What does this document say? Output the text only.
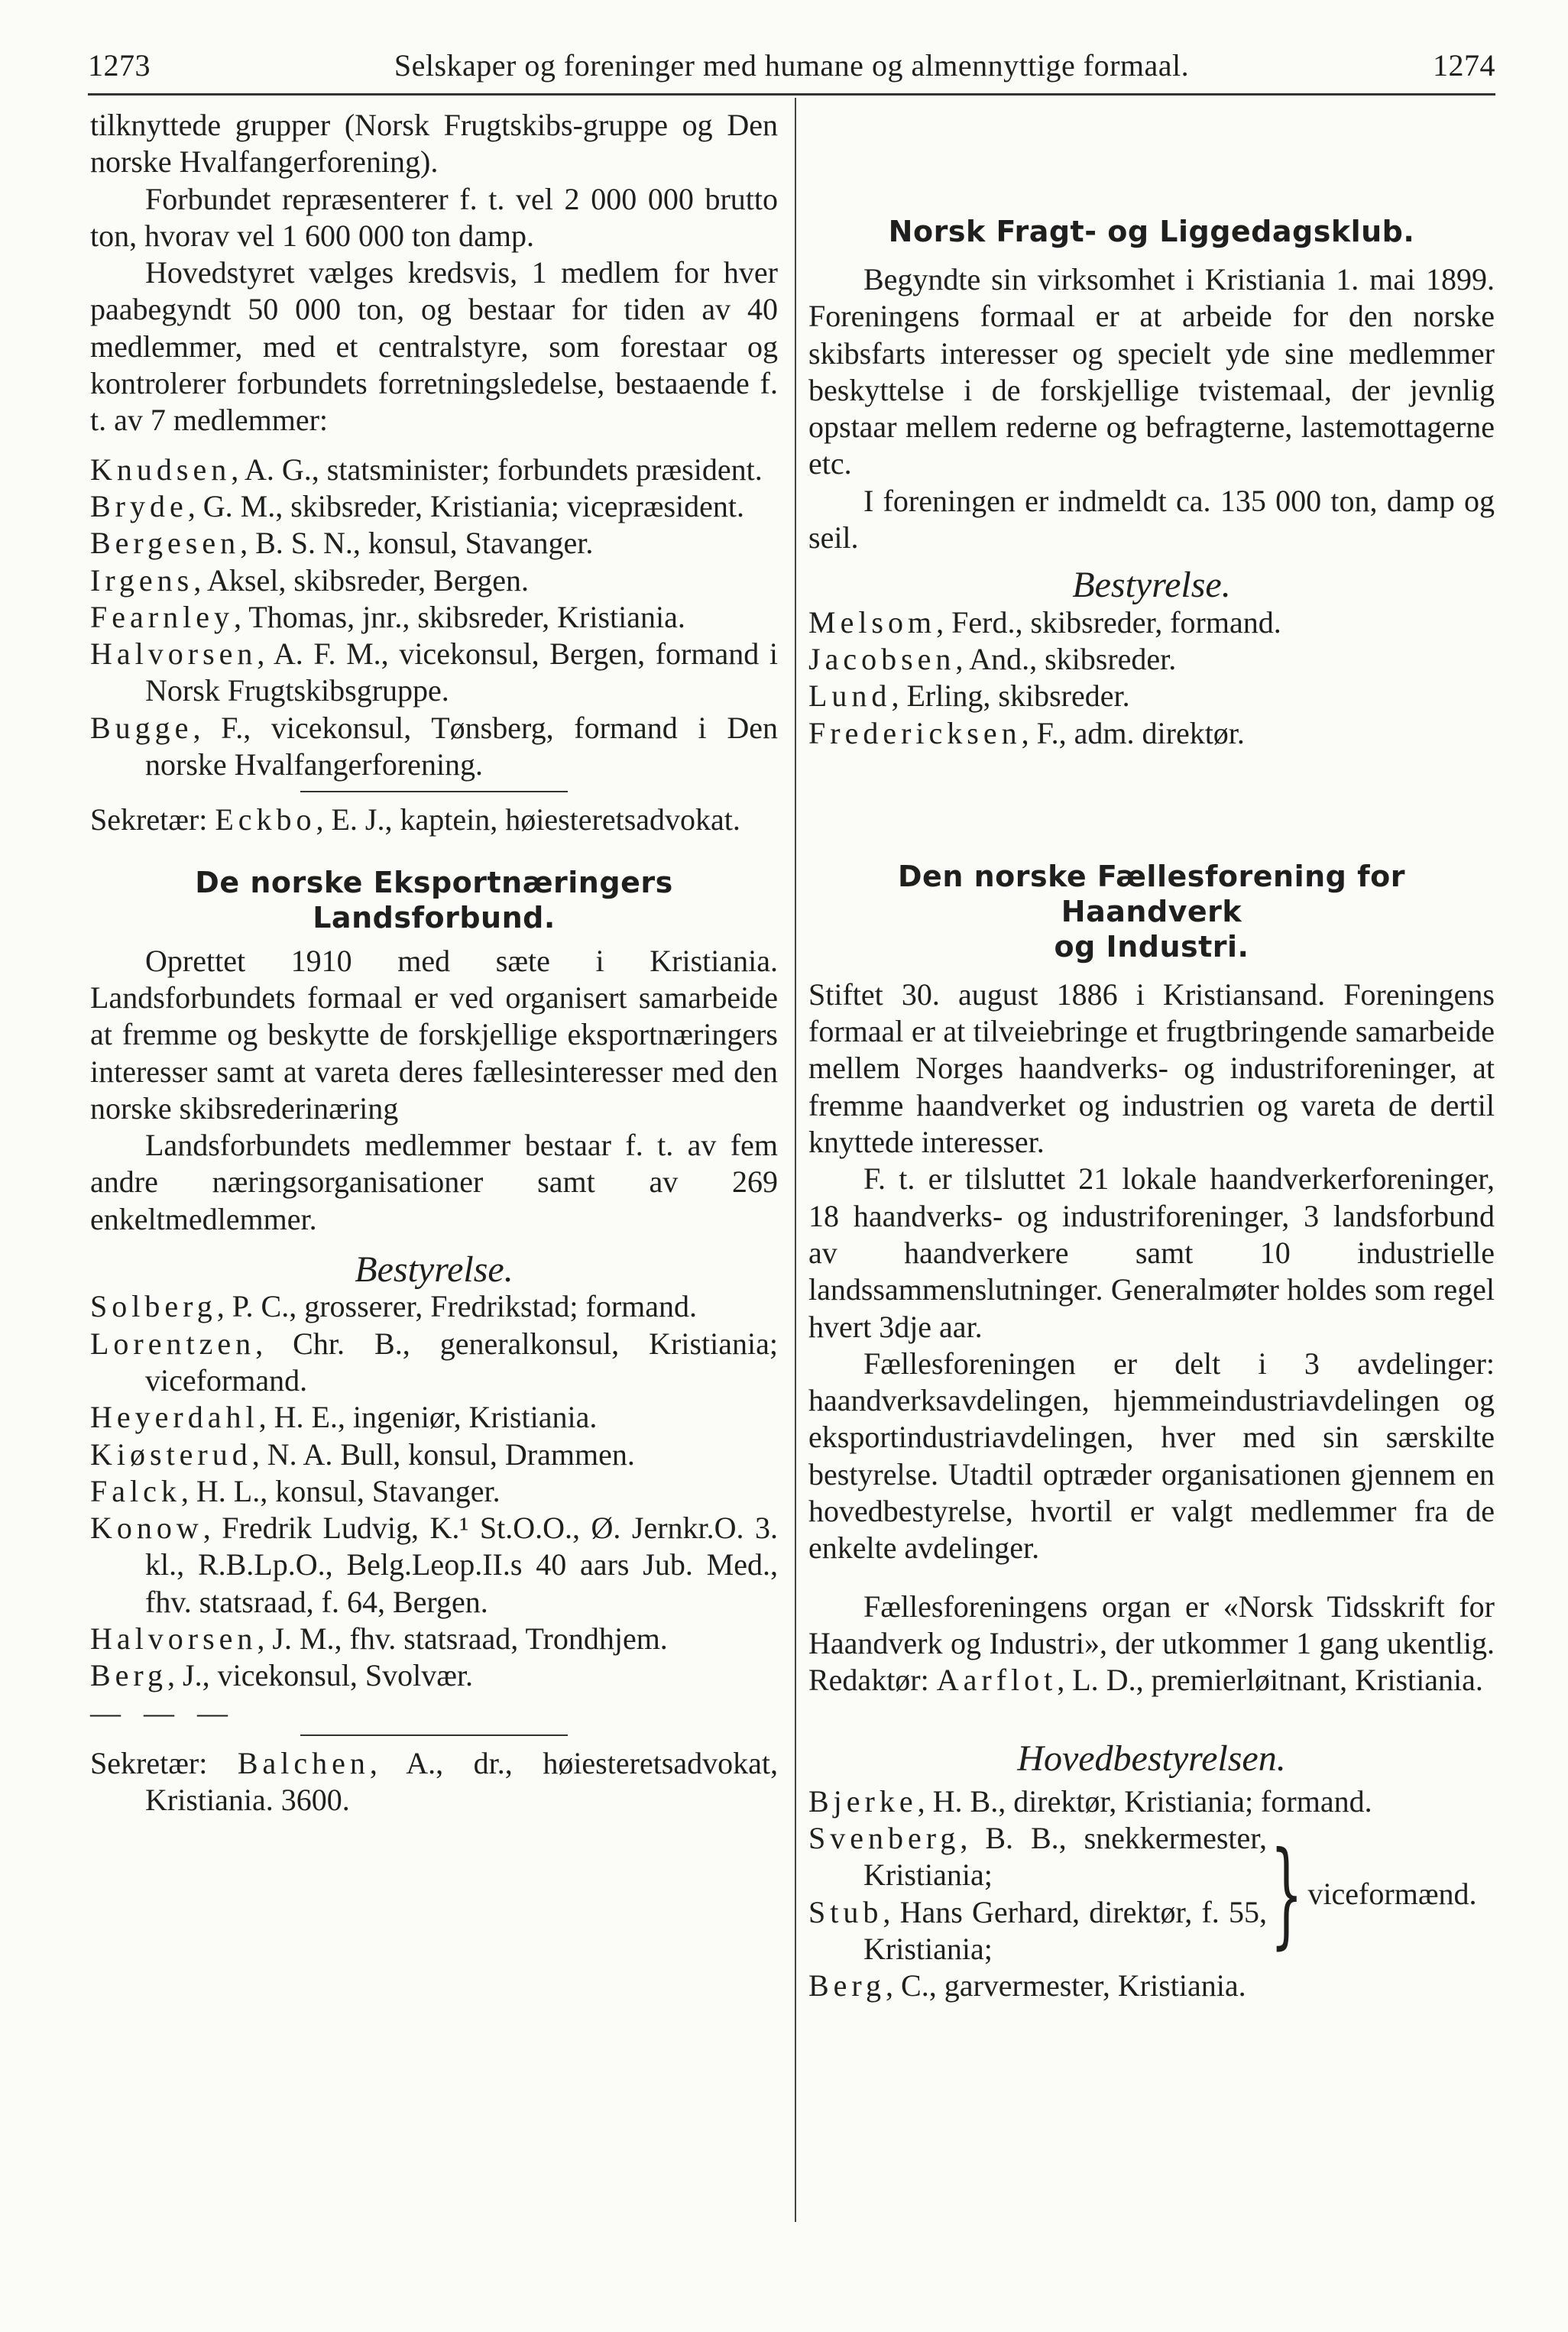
1273	Selskaper og foreninger med humane og almennyttige formaal.	1274

tilknyttede grupper (Norsk Frugtskibs-gruppe og Den norske Hvalfangerforening).

Forbundet repræsenterer f. t. vel 2 000 000 brutto ton, hvorav vel 1 600 000 ton damp.

Hovedstyret vælges kredsvis, 1 medlem for hver paabegyndt 50 000 ton, og bestaar for tiden av 40 medlemmer, med et centralstyre, som forestaar og kontrolerer forbundets forretningsledelse, bestaaende f. t. av 7 medlemmer:

Knudsen, A. G., statsminister; forbundets præsident.

Bryde, G. M., skibsreder, Kristiania; vicepræsident.

Bergesen, B. S. N., konsul, Stavanger.

Irgens, Aksel, skibsreder, Bergen.

Fearnley, Thomas, jnr., skibsreder, Kristiania.

Halvorsen, A. F. M., vicekonsul, Bergen, formand i Norsk Frugtskibsgruppe.

Bugge, F., vicekonsul, Tønsberg, formand i Den norske Hvalfangerforening.

Sekretær: Eckbo, E. J., kaptein, høiesteretsadvokat.

De norske Eksportnæringers Landsforbund.

Oprettet 1910 med sæte i Kristiania. Landsforbundets formaal er ved organisert samarbeide at fremme og beskytte de forskjellige eksportnæringers interesser samt at vareta deres fællesinteresser med den norske skibsrederinæring

Landsforbundets medlemmer bestaar f. t. av fem andre næringsorganisationer samt av 269 enkeltmedlemmer.

Bestyrelse.

Solberg, P. C., grosserer, Fredrikstad; formand.

Lorentzen, Chr. B., generalkonsul, Kristiania; viceformand.

Heyerdahl, H. E., ingeniør, Kristiania.

Kiøsterud, N. A. Bull, konsul, Drammen.

Falck, H. L., konsul, Stavanger.

Konow, Fredrik Ludvig, K.¹ St.O.O., Ø. Jernkr.O. 3. kl., R.B.Lp.O., Belg.Leop.II.s 40 aars Jub. Med., fhv. statsraad, f. 64, Bergen.

Halvorsen, J. M., fhv. statsraad, Trondhjem.

Berg, J., vicekonsul, Svolvær.

— — —

Sekretær: Balchen, A., dr., høiesteretsadvokat, Kristiania. 3600.

Norsk Fragt- og Liggedagsklub.

Begyndte sin virksomhet i Kristiania 1. mai 1899. Foreningens formaal er at arbeide for den norske skibsfarts interesser og specielt yde sine medlemmer beskyttelse i de forskjellige tvistemaal, der jevnlig opstaar mellem rederne og befragterne, lastemottagerne etc.

I foreningen er indmeldt ca. 135 000 ton, damp og seil.

Bestyrelse.

Melsom, Ferd., skibsreder, formand.

Jacobsen, And., skibsreder.

Lund, Erling, skibsreder.

Fredericksen, F., adm. direktør.

Den norske Fællesforening for Haandverk
og Industri.

Stiftet 30. august 1886 i Kristiansand. Foreningens formaal er at tilveiebringe et frugtbringende samarbeide mellem Norges haandverks- og industriforeninger, at fremme haandverket og industrien og vareta de dertil knyttede interesser.

F. t. er tilsluttet 21 lokale haandverkerforeninger, 18 haandverks- og industriforeninger, 3 landsforbund av haandverkere samt 10 industrielle landssammenslutninger. Generalmøter holdes som regel hvert 3dje aar.

Fællesforeningen er delt i 3 avdelinger: haandverksavdelingen, hjemmeindustriavdelingen og eksportindustriavdelingen, hver med sin særskilte bestyrelse. Utadtil optræder organisationen gjennem en hovedbestyrelse, hvortil er valgt medlemmer fra de enkelte avdelinger.

Fællesforeningens organ er «Norsk Tidsskrift for Haandverk og Industri», der utkommer 1 gang ukentlig. Redaktør: Aarflot, L. D., premierløitnant, Kristiania.

Hovedbestyrelsen.

Bjerke, H. B., direktør, Kristiania; formand.

Svenberg, B. B., snekkermester, Kristiania;

Stub, Hans Gerhard, direktør, f. 55, Kristiania;	} viceformænd.

Berg, C., garvermester, Kristiania.
